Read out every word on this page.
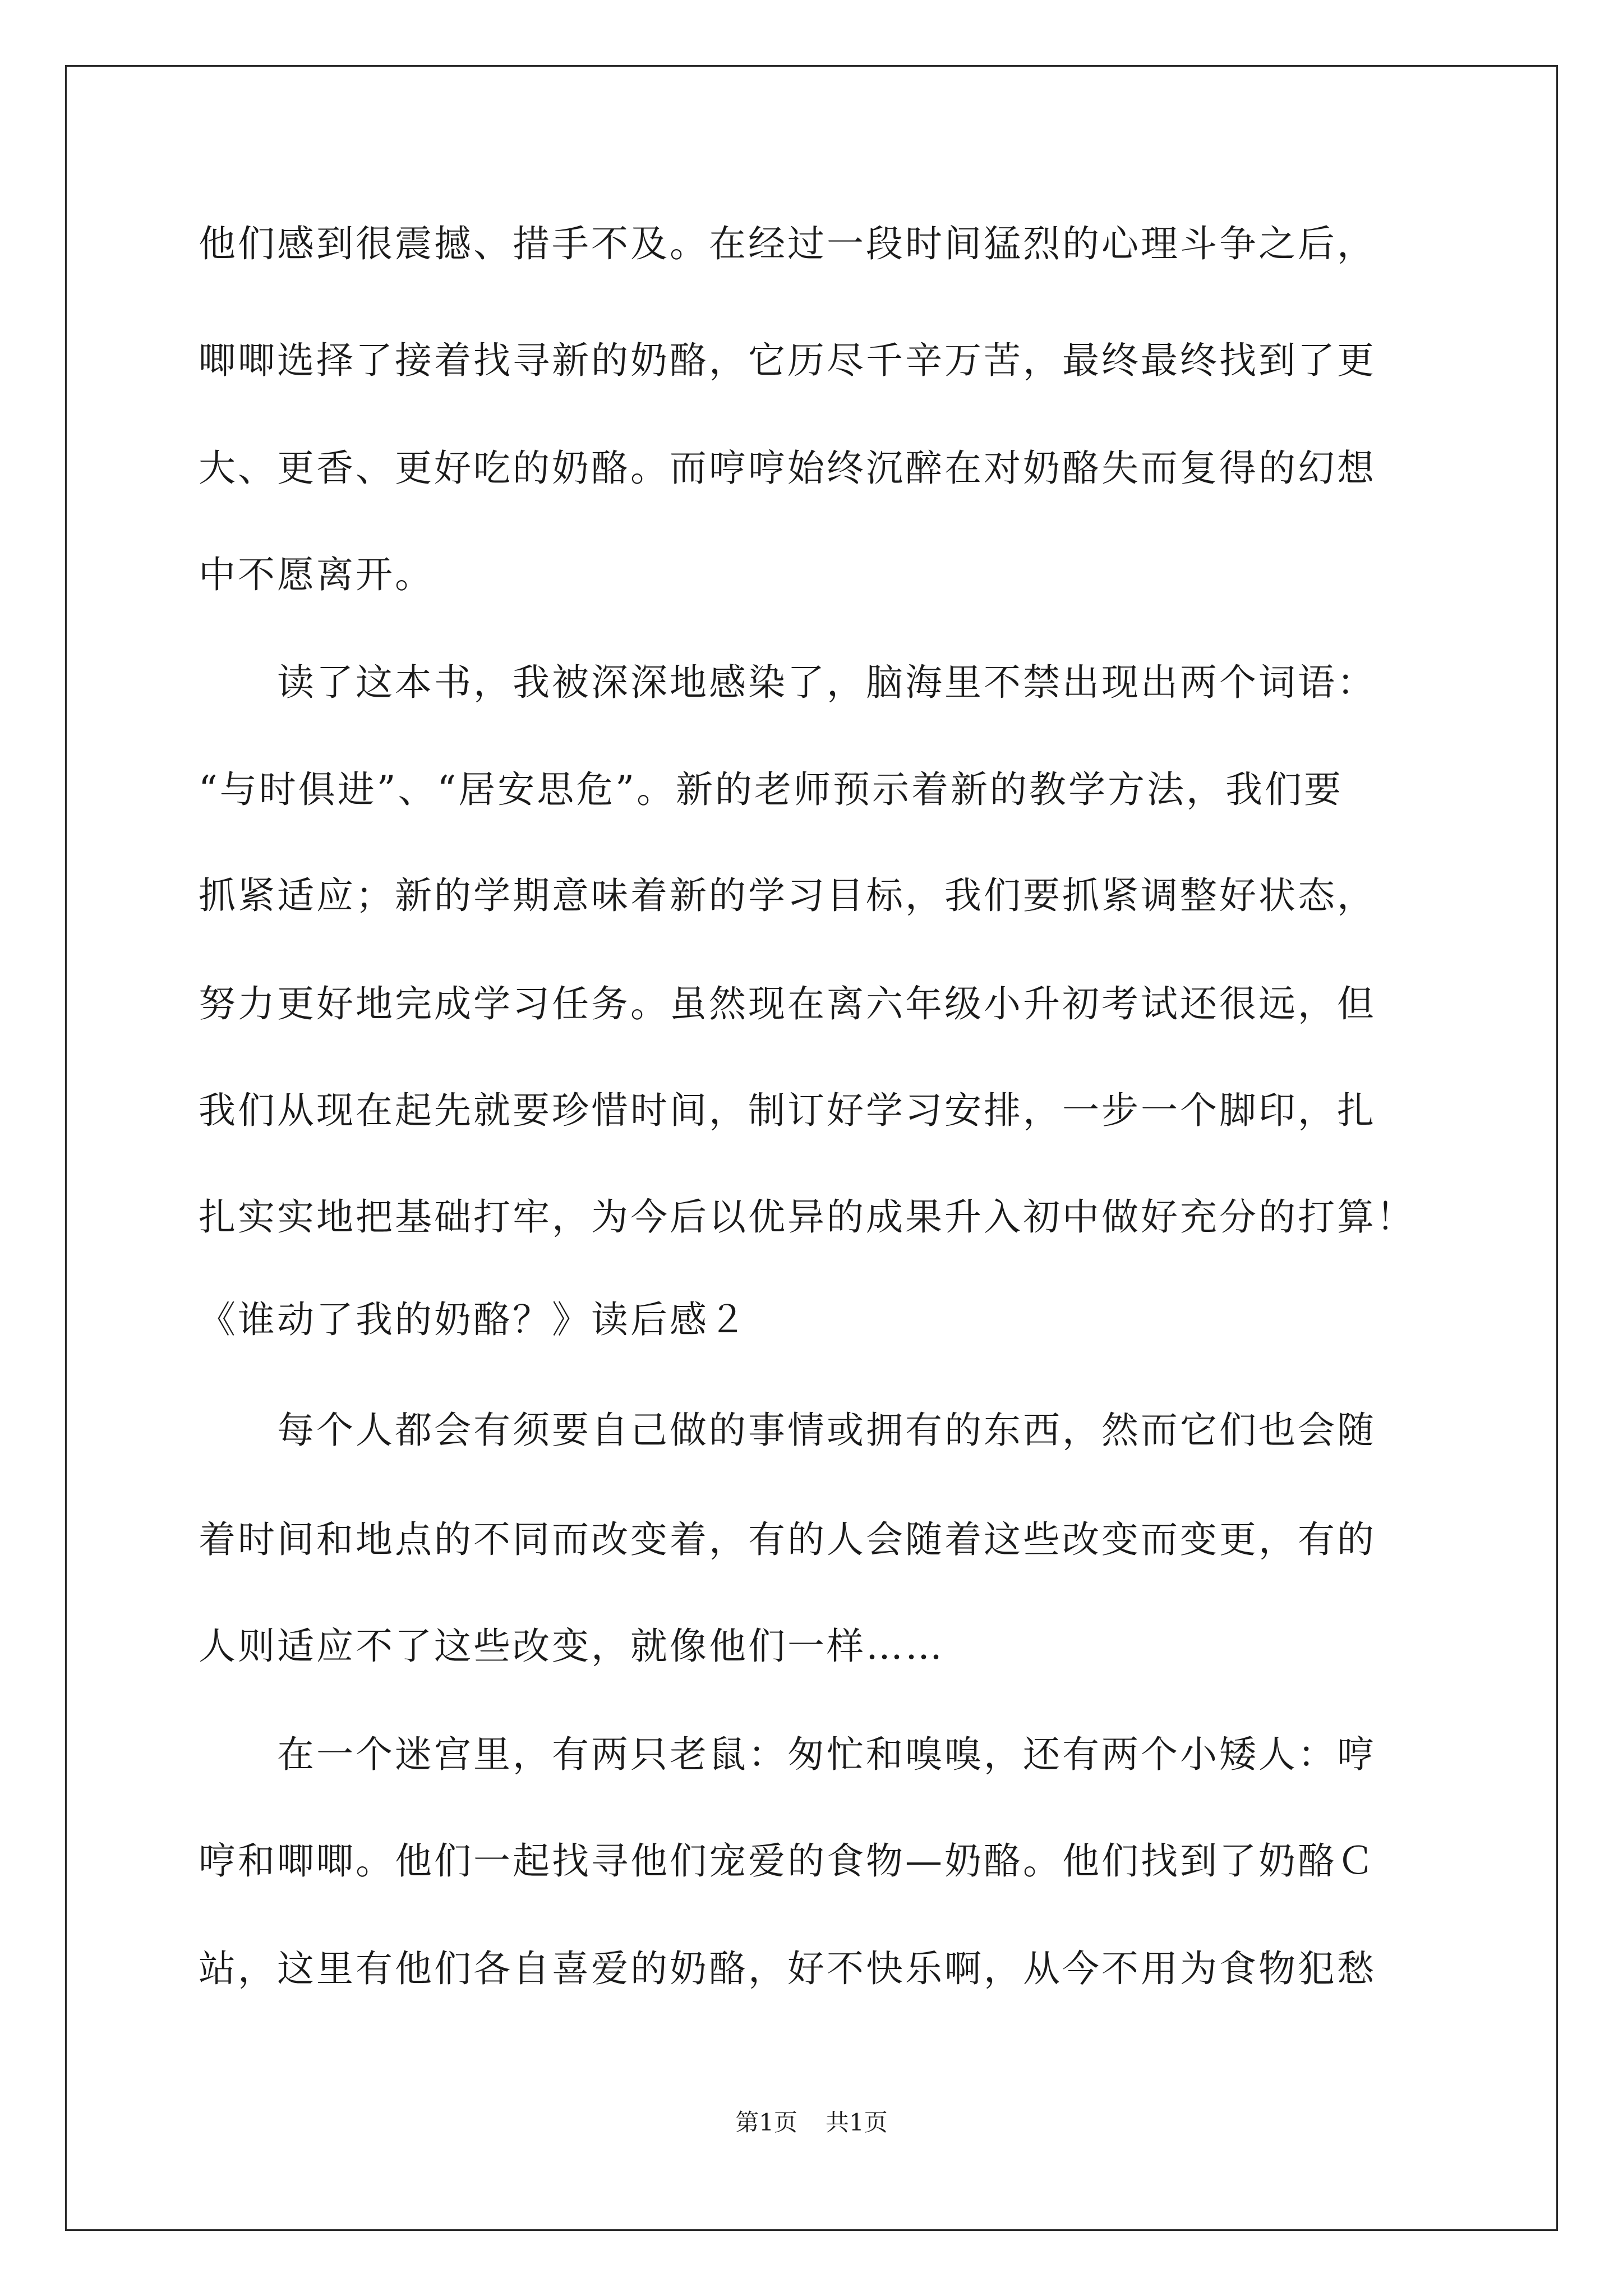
他们感到很震撼、措手不及。在经过一段时间猛烈的心理斗争之后，
唧唧选择了接着找寻新的奶酪，它历尽千辛万苦，最终最终找到了更
大、更香、更好吃的奶酪。而哼哼始终沉醉在对奶酪失而复得的幻想
中不愿离开。
　　读了这本书，我被深深地感染了，脑海里不禁出现出两个词语：
“与时俱进”、“居安思危”。新的老师预示着新的教学方法，我们要
抓紧适应；新的学期意味着新的学习目标，我们要抓紧调整好状态，
努力更好地完成学习任务。虽然现在离六年级小升初考试还很远，但
我们从现在起先就要珍惜时间，制订好学习安排，一步一个脚印，扎
扎实实地把基础打牢，为今后以优异的成果升入初中做好充分的打算！
《谁动了我的奶酪？》读后感２
　　每个人都会有须要自己做的事情或拥有的东西，然而它们也会随
着时间和地点的不同而改变着，有的人会随着这些改变而变更，有的
人则适应不了这些改变，就像他们一样……
　　在一个迷宫里，有两只老鼠：匆忙和嗅嗅，还有两个小矮人：哼
哼和唧唧。他们一起找寻他们宠爱的食物—奶酪。他们找到了奶酪Ｃ
站，这里有他们各自喜爱的奶酪，好不快乐啊，从今不用为食物犯愁
第1页 共1页
